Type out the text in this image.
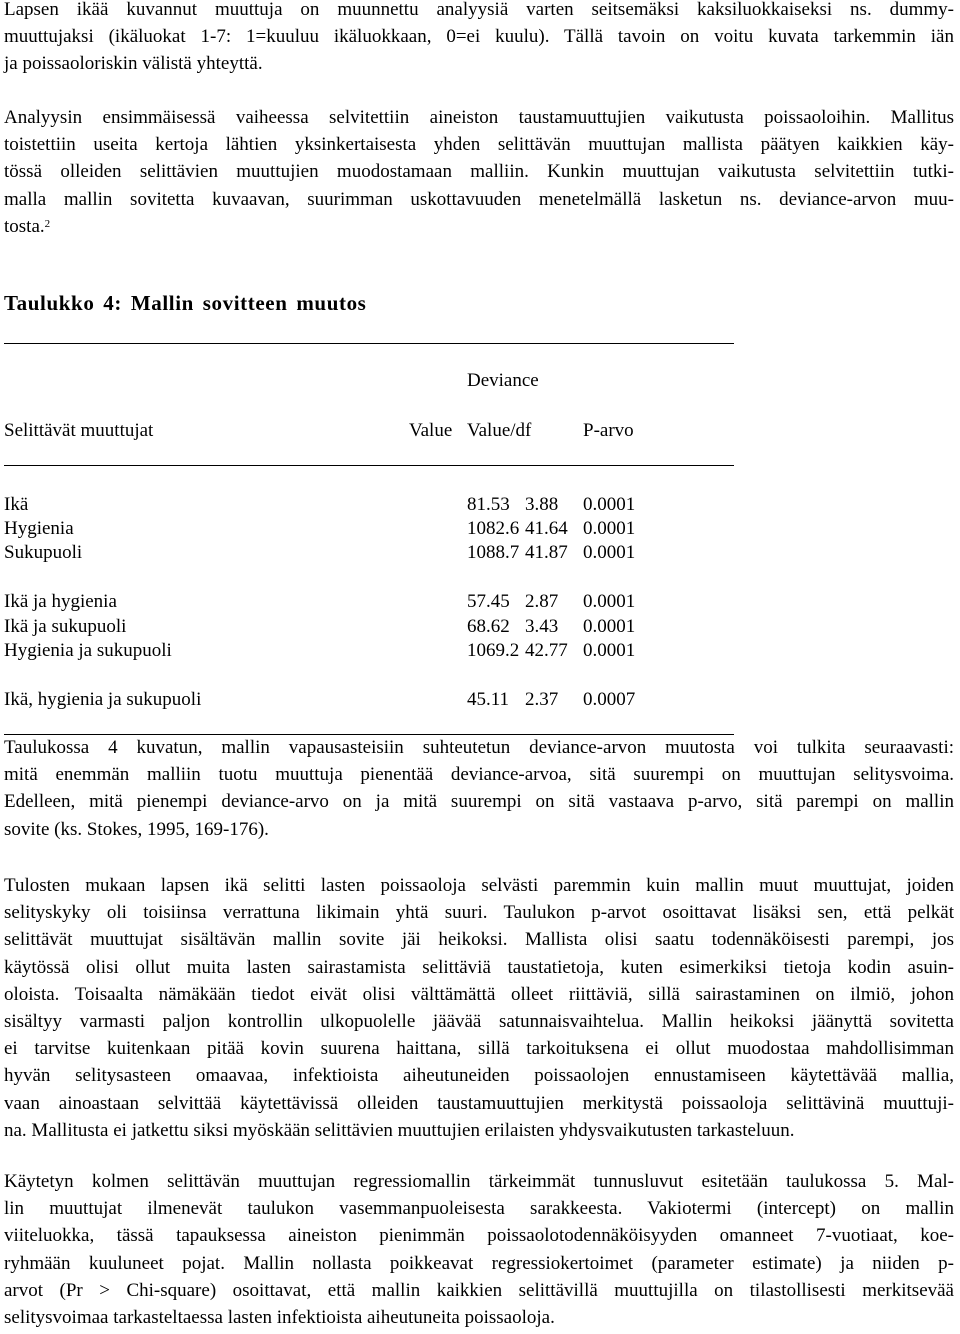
Lapsen ikää kuvannut muuttuja on muunnettu analyysiä varten seitsemäksi kaksiluokkaiseksi ns. dummy-
muuttujaksi (ikäluokat 1-7: 1=kuuluu ikäluokkaan, 0=ei kuulu). Tällä tavoin on voitu kuvata tarkemmin iän
ja poissaoloriskin välistä yhteyttä.
Analyysin ensimmäisessä vaiheessa selvitettiin aineiston taustamuuttujien vaikutusta poissaoloihin. Mallitus
toistettiin useita kertoja lähtien yksinkertaisesta yhden selittävän muuttujan mallista päätyen kaikkien käy-
tössä olleiden selittävien muuttujien muodostamaan malliin. Kunkin muuttujan vaikutusta selvitettiin tutki-
malla mallin sovitetta kuvaavan, suurimman uskottavuuden menetelmällä lasketun ns. deviance-arvon muu-
tosta.$^2$
Taulukko 4: Mallin sovitteen muutos
Deviance
Selittävät muuttujat	Value Value/df	P-arvo
Ikä	81.53 3.88 0.0001
Hygienia	1082.6 41.64 0.0001
Sukupuoli	1088.7 41.87 0.0001
Ikä ja hygienia	57.45 2.87 0.0001
Ikä ja sukupuoli	68.62 3.43 0.0001
Hygienia ja sukupuoli	1069.2 42.77 0.0001
Ikä, hygienia ja sukupuoli	45.11 2.37 0.0007
Taulukossa 4 kuvatun, mallin vapausasteisiin suhteutetun deviance-arvon muutosta voi tulkita seuraavasti:
mitä enemmän malliin tuotu muuttuja pienentää deviance-arvoa, sitä suurempi on muuttujan selitysvoima.
Edelleen, mitä pienempi deviance-arvo on ja mitä suurempi on sitä vastaava p-arvo, sitä parempi on mallin
sovite (ks. Stokes, 1995, 169-176).
Tulosten mukaan lapsen ikä selitti lasten poissaoloja selvästi paremmin kuin mallin muut muuttujat, joiden
selityskyky oli toisiinsa verrattuna likimain yhtä suuri. Taulukon p-arvot osoittavat lisäksi sen, että pelkät
selittävät muuttujat sisältävän mallin sovite jäi heikoksi. Mallista olisi saatu todennäköisesti parempi, jos
käytössä olisi ollut muita lasten sairastamista selittäviä taustatietoja, kuten esimerkiksi tietoja kodin asuin-
oloista. Toisaalta nämäkään tiedot eivät olisi välttämättä olleet riittäviä, sillä sairastaminen on ilmiö, johon
sisältyy varmasti paljon kontrollin ulkopuolelle jäävää satunnaisvaihtelua. Mallin heikoksi jäänyttä sovitetta
ei tarvitse kuitenkaan pitää kovin suurena haittana, sillä tarkoituksena ei ollut muodostaa mahdollisimman
hyvän selitysasteen omaavaa, infektioista aiheutuneiden poissaolojen ennustamiseen käytettävää mallia,
vaan ainoastaan selvittää käytettävissä olleiden taustamuuttujien merkitystä poissaoloja selittävinä muuttuji-
na. Mallitusta ei jatkettu siksi myöskään selittävien muuttujien erilaisten yhdysvaikutusten tarkasteluun.
Käytetyn kolmen selittävän muuttujan regressiomallin tärkeimmät tunnusluvut esitetään taulukossa 5. Mal-
lin muuttujat ilmenevät taulukon vasemmanpuoleisesta sarakkeesta. Vakiotermi (intercept) on mallin
viiteluokka, tässä tapauksessa aineiston pienimmän poissaolotodennäköisyyden omanneet 7-vuotiaat, koe-
ryhmään kuuluneet pojat. Mallin nollasta poikkeavat regressiokertoimet (parameter estimate) ja niiden p-
arvot (Pr > Chi-square) osoittavat, että mallin kaikkien selittävillä muuttujilla on tilastollisesti merkitsevää
selitysvoimaa tarkasteltaessa lasten infektioista aiheutuneita poissaoloja.
